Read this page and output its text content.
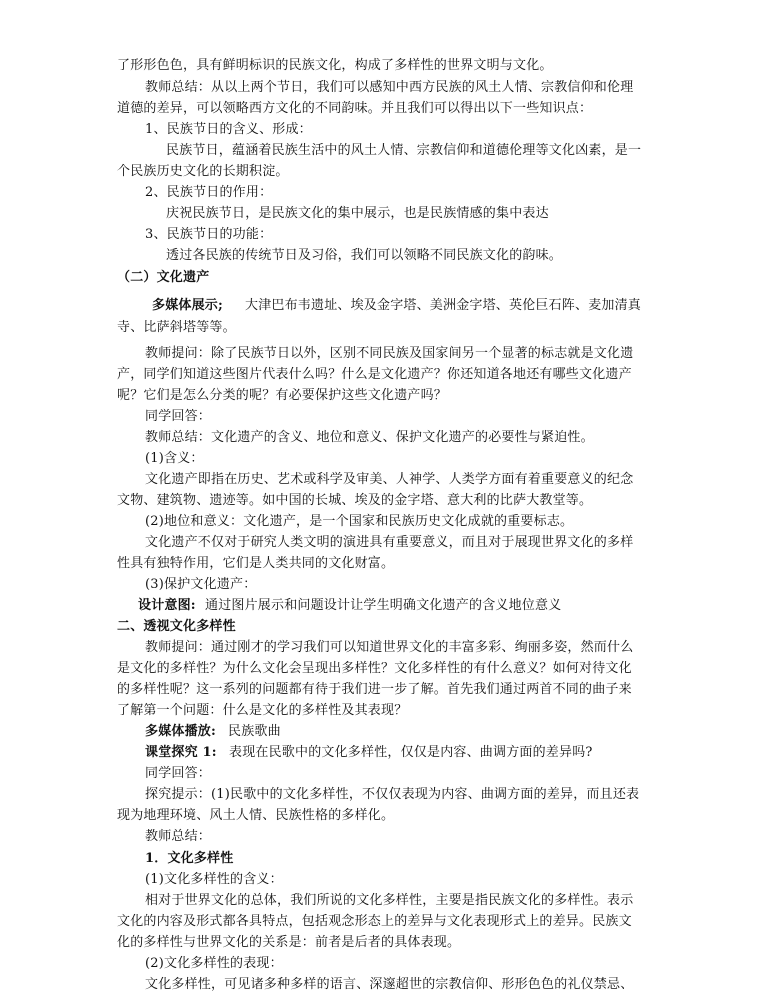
了形形色色，具有鲜明标识的民族文化，构成了多样性的世界文明与文化。
教师总结：从以上两个节日，我们可以感知中西方民族的风土人情、宗教信仰和伦理
道德的差异，可以领略西方文化的不同韵味。并且我们可以得出以下一些知识点：
1、民族节日的含义、形成：
民族节日，蕴涵着民族生活中的风土人情、宗教信仰和道德伦理等文化凶素，是一
个民族历史文化的长期积淀。
2、民族节日的作用：
庆祝民族节日，是民族文化的集中展示，也是民族情感的集中表达
3、民族节日的功能：
透过各民族的传统节日及习俗，我们可以领略不同民族文化的韵味。
（二）文化遗产
多媒体展示; 大津巴布韦遗址、埃及金字塔、美洲金字塔、英伦巨石阵、麦加清真
寺、比萨斜塔等等。
教师提问：除了民族节日以外，区别不同民族及国家间另一个显著的标志就是文化遗
产，同学们知道这些图片代表什么吗？什么是文化遗产？你还知道各地还有哪些文化遗产
呢？它们是怎么分类的呢？有必要保护这些文化遗产吗？
同学回答：
教师总结：文化遗产的含义、地位和意义、保护文化遗产的必要性与紧迫性。
(1)含义：
文化遗产即指在历史、艺术或科学及审美、人神学、人类学方面有着重要意义的纪念
文物、建筑物、遗迹等。如中国的长城、埃及的金字塔、意大利的比萨大教堂等。
(2)地位和意义：文化遗产，是一个国家和民族历史文化成就的重要标志。
文化遗产不仅对于研究人类文明的演进具有重要意义，而且对于展现世界文化的多样
性具有独特作用，它们是人类共同的文化财富。
(3)保护文化遗产：
设计意图: 通过图片展示和问题设计让学生明确文化遗产的含义地位意义
二、透视文化多样性
教师提问：通过刚才的学习我们可以知道世界文化的丰富多彩、绚丽多姿，然而什么
是文化的多样性？为什么文化会呈现出多样性？文化多样性的有什么意义？如何对待文化
的多样性呢？这一系列的问题都有待于我们进一步了解。首先我们通过两首不同的曲子来
了解第一个问题：什么是文化的多样性及其表现？
多媒体播放: 民族歌曲
课堂探究 1: 表现在民歌中的文化多样性，仅仅是内容、曲调方面的差异吗?
同学回答：
探究提示：(1)民歌中的文化多样性，不仅仅表现为内容、曲调方面的差异，而且还表
现为地理环境、风土人情、民族性格的多样化。
教师总结：
1．文化多样性
(1)文化多样性的含义：
相对于世界文化的总体，我们所说的文化多样性，主要是指民族文化的多样性。表示
文化的内容及形式都各具特点，包括观念形态上的差异与文化表现形式上的差异。民族文
化的多样性与世界文化的关系是：前者是后者的具体表现。
(2)文化多样性的表现：
文化多样性，可见诸多种多样的语言、深邃超世的宗教信仰、形形色色的礼仪禁忌、
